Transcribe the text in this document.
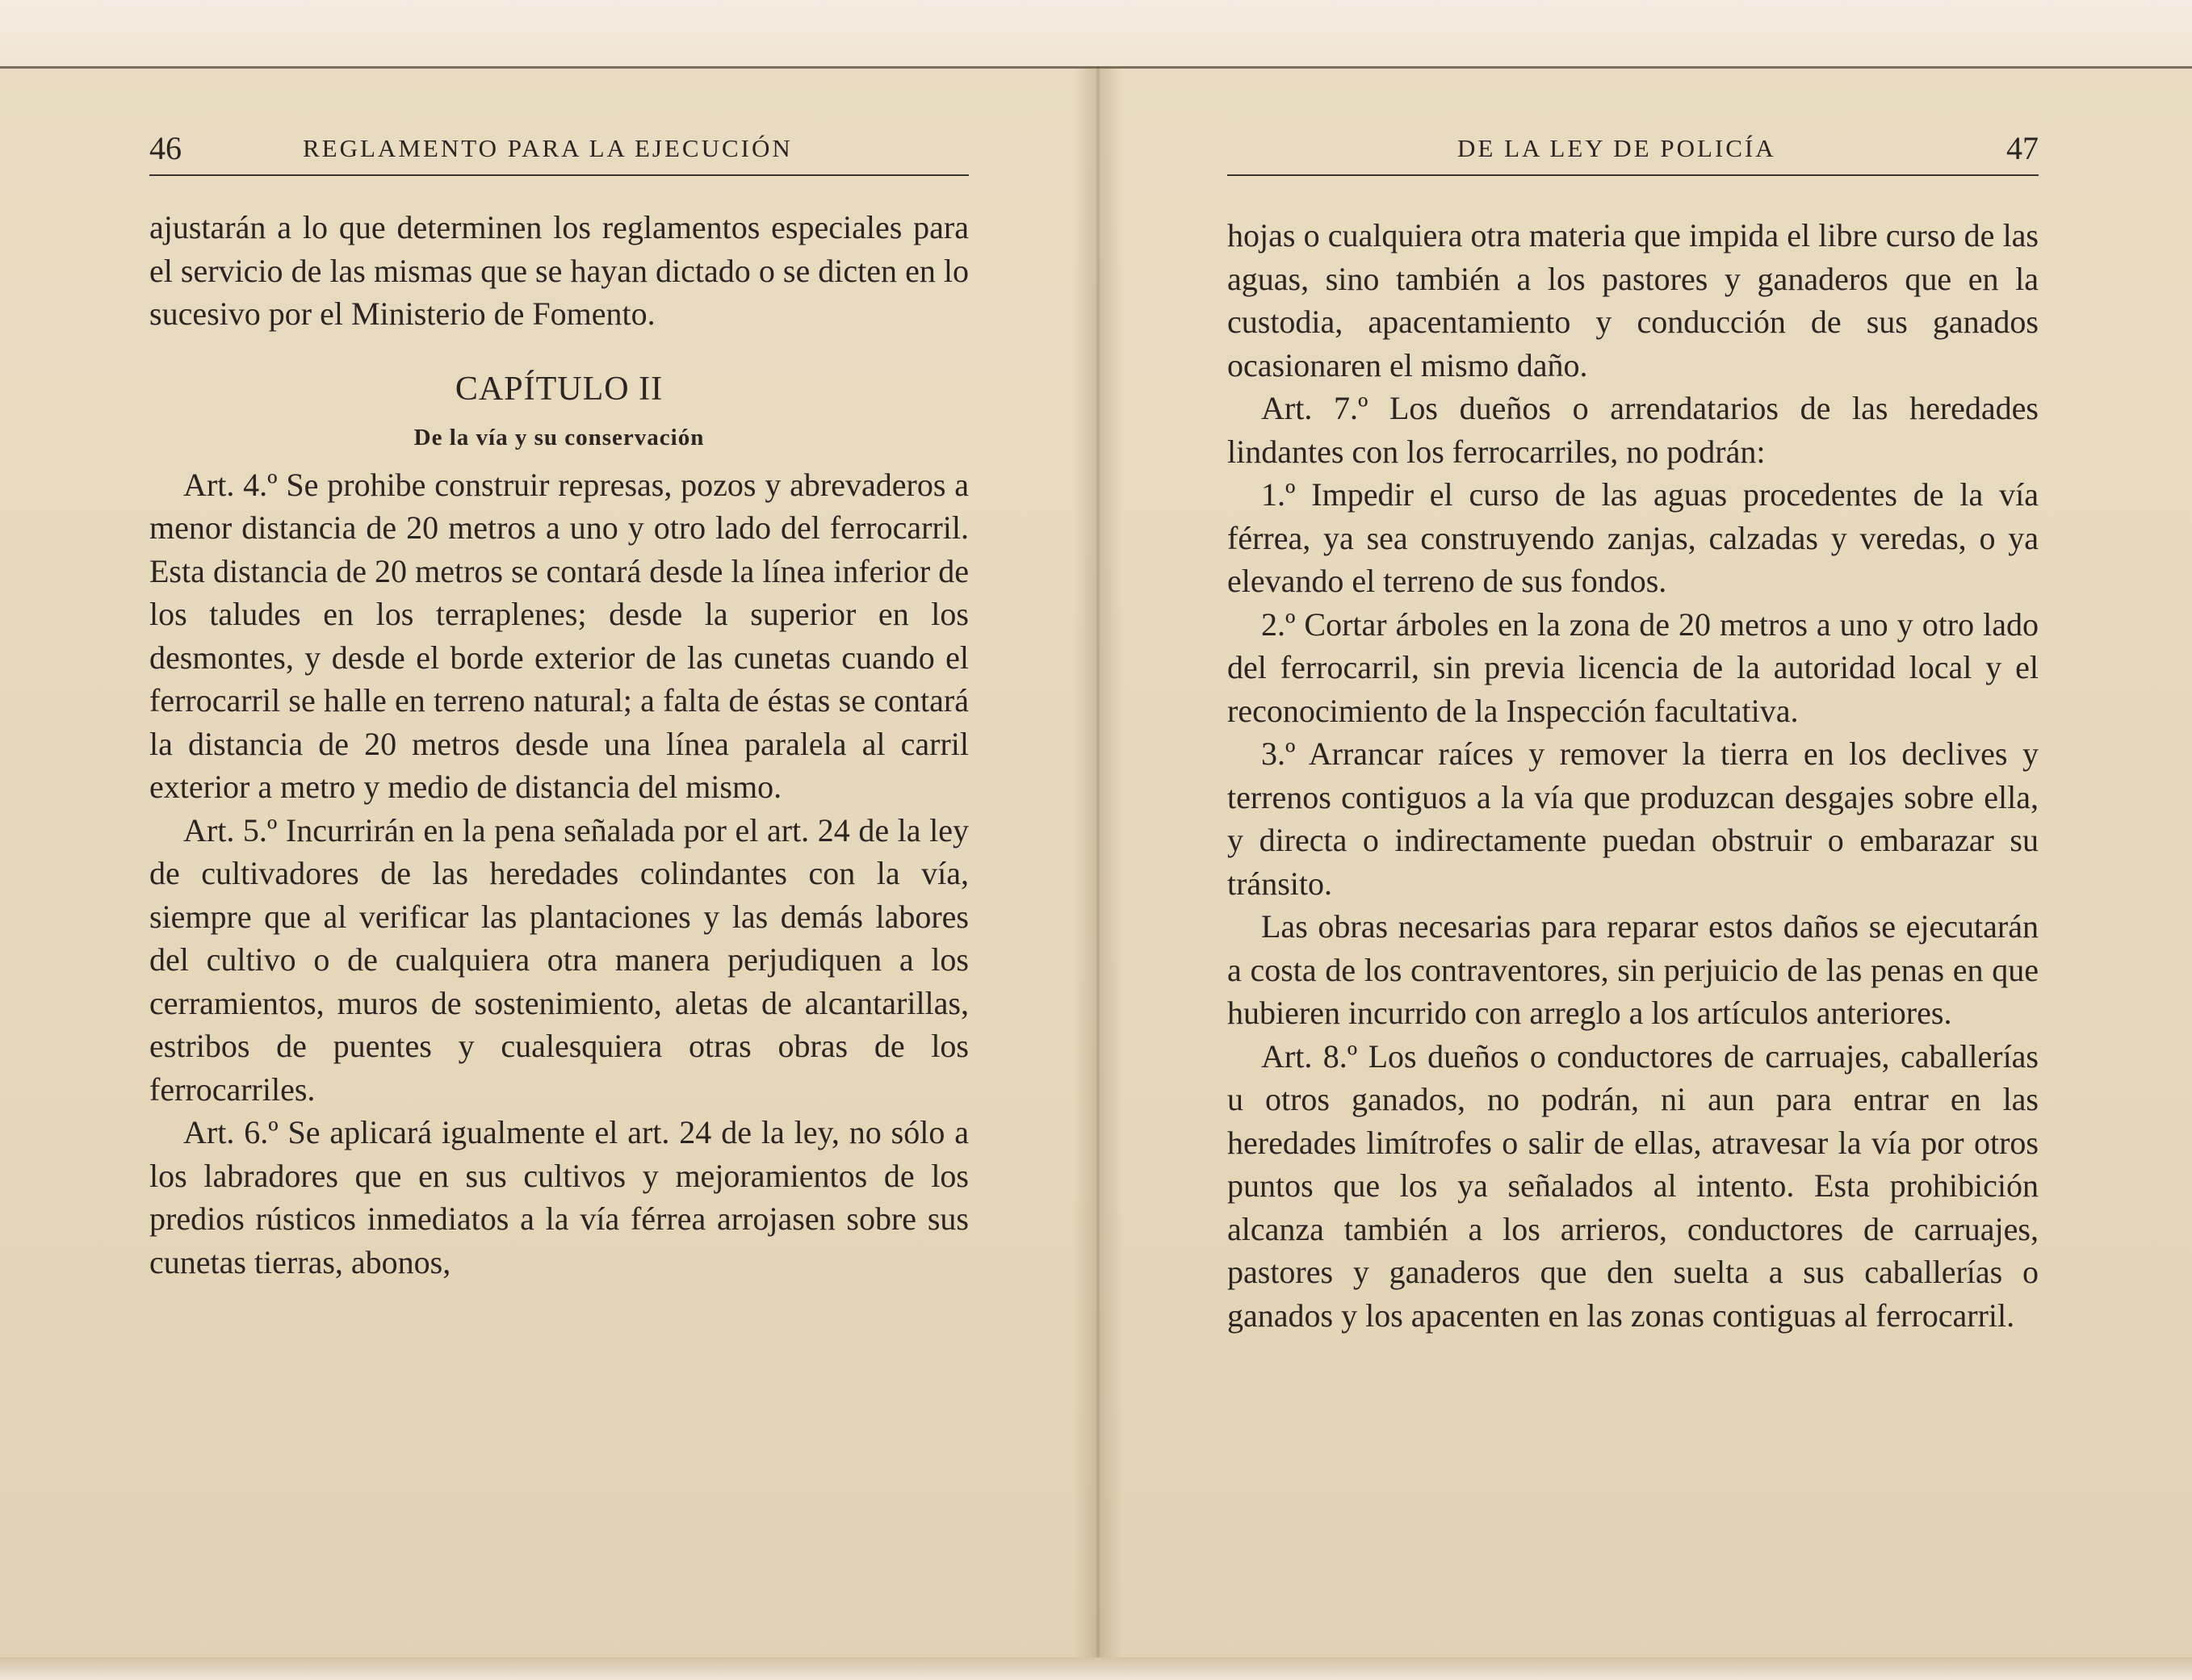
46	REGLAMENTO PARA LA EJECUCIÓN

ajustarán a lo que determinen los reglamentos especiales para el servicio de las mismas que se hayan dictado o se dicten en lo sucesivo por el Ministerio de Fomento.

CAPÍTULO II

De la vía y su conservación

Art. 4.º Se prohibe construir represas, pozos y abrevaderos a menor distancia de 20 metros a uno y otro lado del ferrocarril. Esta distancia de 20 metros se contará desde la línea inferior de los taludes en los terraplenes; desde la superior en los desmontes, y desde el borde exterior de las cunetas cuando el ferrocarril se halle en terreno natural; a falta de éstas se contará la distancia de 20 metros desde una línea paralela al carril exterior a metro y medio de distancia del mismo.

Art. 5.º Incurrirán en la pena señalada por el art. 24 de la ley de cultivadores de las heredades colindantes con la vía, siempre que al verificar las plantaciones y las demás labores del cultivo o de cualquiera otra manera perjudiquen a los cerramientos, muros de sostenimiento, aletas de alcantarillas, estribos de puentes y cualesquiera otras obras de los ferrocarriles.

Art. 6.º Se aplicará igualmente el art. 24 de la ley, no sólo a los labradores que en sus cultivos y mejoramientos de los predios rústicos inmediatos a la vía férrea arrojasen sobre sus cunetas tierras, abonos,

DE LA LEY DE POLICÍA	47

hojas o cualquiera otra materia que impida el libre curso de las aguas, sino también a los pastores y ganaderos que en la custodia, apacentamiento y conducción de sus ganados ocasionaren el mismo daño.

Art. 7.º Los dueños o arrendatarios de las heredades lindantes con los ferrocarriles, no podrán:

1.º Impedir el curso de las aguas procedentes de la vía férrea, ya sea construyendo zanjas, calzadas y veredas, o ya elevando el terreno de sus fondos.

2.º Cortar árboles en la zona de 20 metros a uno y otro lado del ferrocarril, sin previa licencia de la autoridad local y el reconocimiento de la Inspección facultativa.

3.º Arrancar raíces y remover la tierra en los declives y terrenos contiguos a la vía que produzcan desgajes sobre ella, y directa o indirectamente puedan obstruir o embarazar su tránsito.

Las obras necesarias para reparar estos daños se ejecutarán a costa de los contraventores, sin perjuicio de las penas en que hubieren incurrido con arreglo a los artículos anteriores.

Art. 8.º Los dueños o conductores de carruajes, caballerías u otros ganados, no podrán, ni aun para entrar en las heredades limítrofes o salir de ellas, atravesar la vía por otros puntos que los ya señalados al intento. Esta prohibición alcanza también a los arrieros, conductores de carruajes, pastores y ganaderos que den suelta a sus caballerías o ganados y los apacenten en las zonas contiguas al ferrocarril.
